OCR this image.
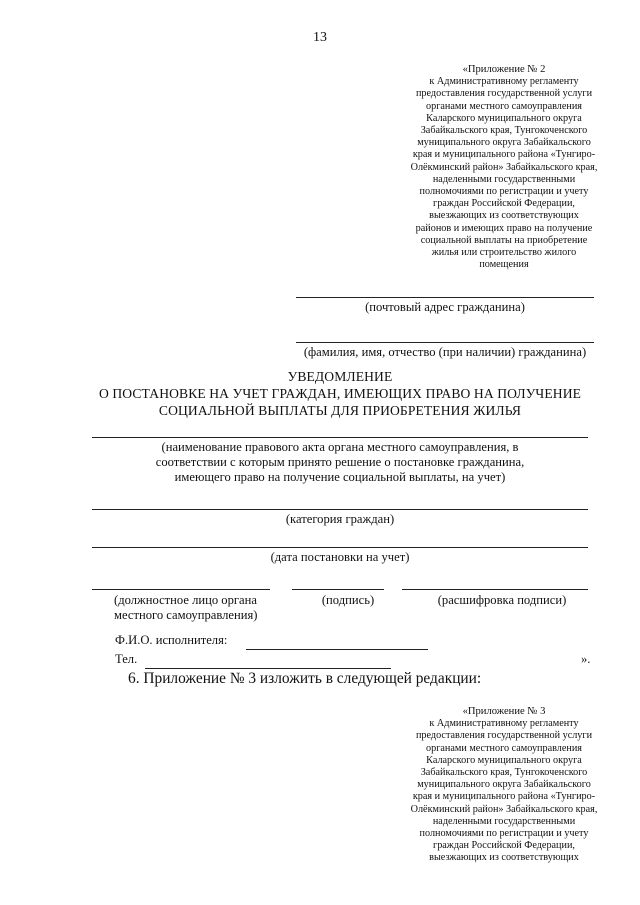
13
«Приложение № 2
к Административному регламенту
предоставления государственной услуги
органами местного самоуправления
Каларского муниципального округа
Забайкальского края, Тунгокоченского
муниципального округа Забайкальского
края и муниципального района «Тунгиро-
Олёкминский район» Забайкальского края,
наделенными государственными
полномочиями по регистрации и учету
граждан Российской Федерации,
выезжающих из соответствующих
районов и имеющих право на получение
социальной выплаты на приобретение
жилья или строительство жилого
помещения
(почтовый адрес гражданина)
(фамилия, имя, отчество (при наличии) гражданина)
УВЕДОМЛЕНИЕ
О ПОСТАНОВКЕ НА УЧЕТ ГРАЖДАН, ИМЕЮЩИХ ПРАВО НА ПОЛУЧЕНИЕ
СОЦИАЛЬНОЙ ВЫПЛАТЫ ДЛЯ ПРИОБРЕТЕНИЯ ЖИЛЬЯ
(наименование правового акта органа местного самоуправления, в
соответствии с которым принято решение о постановке гражданина,
имеющего право на получение социальной выплаты, на учет)
(категория граждан)
(дата постановки на учет)
(должностное лицо органа
местного самоуправления)
(подпись)	(расшифровка подписи)
Ф.И.О. исполнителя:
Тел.	».
6. Приложение № 3 изложить в следующей редакции:
«Приложение № 3
к Административному регламенту
предоставления государственной услуги
органами местного самоуправления
Каларского муниципального округа
Забайкальского края, Тунгокоченского
муниципального округа Забайкальского
края и муниципального района «Тунгиро-
Олёкминский район» Забайкальского края,
наделенными государственными
полномочиями по регистрации и учету
граждан Российской Федерации,
выезжающих из соответствующих
